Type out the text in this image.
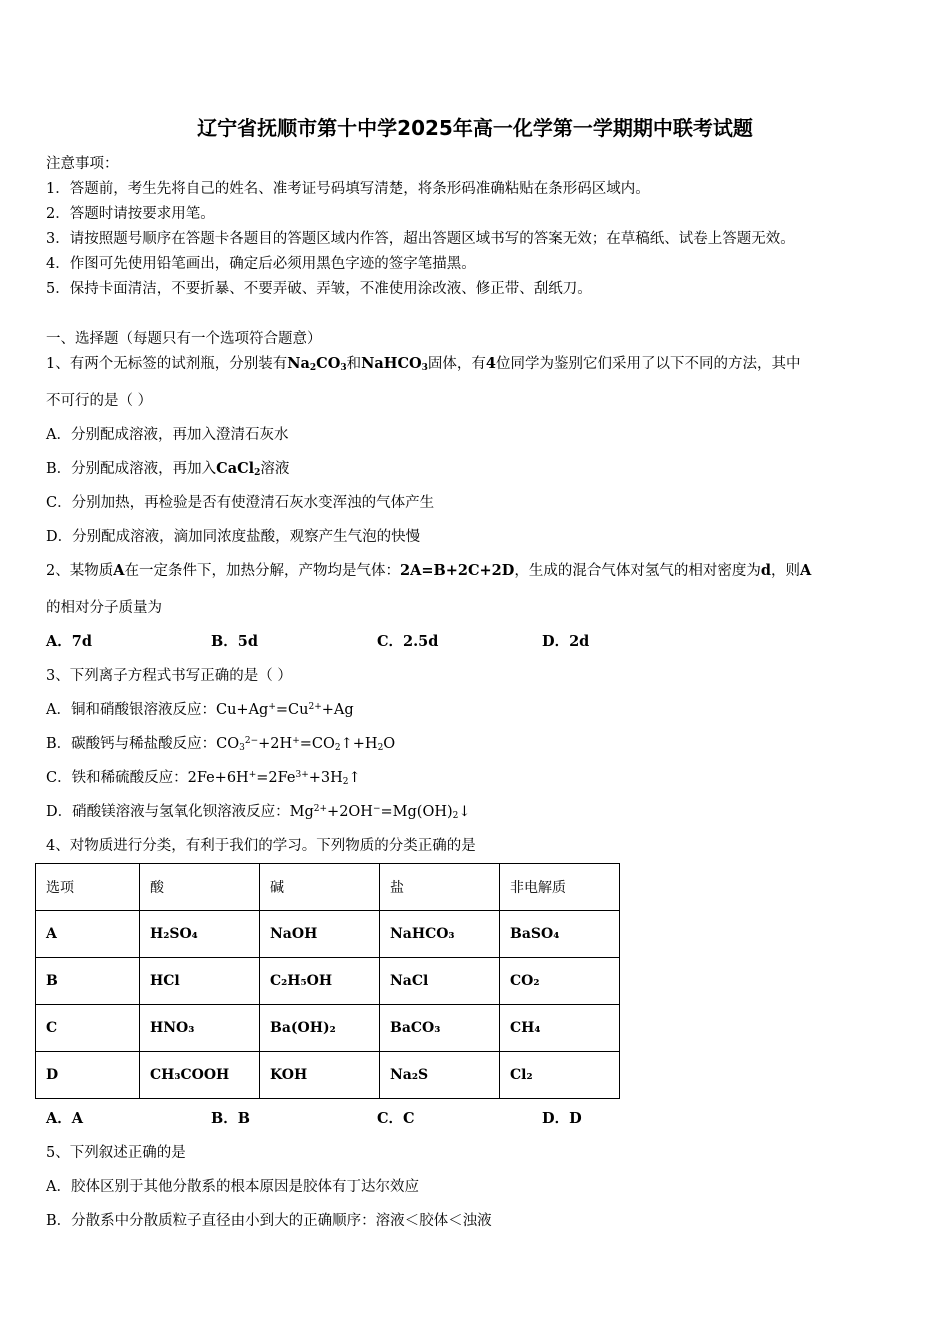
辽宁省抚顺市第十中学2025年高一化学第一学期期中联考试题
注意事项：
1．答题前，考生先将自己的姓名、准考证号码填写清楚，将条形码准确粘贴在条形码区域内。
2．答题时请按要求用笔。
3．请按照题号顺序在答题卡各题目的答题区域内作答，超出答题区域书写的答案无效；在草稿纸、试卷上答题无效。
4．作图可先使用铅笔画出，确定后必须用黑色字迹的签字笔描黑。
5．保持卡面清洁，不要折暴、不要弄破、弄皱，不准使用涂改液、修正带、刮纸刀。
一、选择题（每题只有一个选项符合题意）
1、有两个无标签的试剂瓶，分别装有$Na_2CO_3$和NaHCO$_3$固体，有4位同学为鉴别它们采用了以下不同的方法，其中
不可行的是（ ）
A．分别配成溶液，再加入澄清石灰水
B．分别配成溶液，再加入CaCl$_2$溶液
C．分别加热，再检验是否有使澄清石灰水变浑浊的气体产生
D．分别配成溶液，滴加同浓度盐酸，观察产生气泡的快慢
2、某物质A在一定条件下，加热分解，产物均是气体：2A=B+2C+2D，生成的混合气体对氢气的相对密度为d，则A
的相对分子质量为
A．7d	B．5d	C．2.5d	D．2d
3、下列离子方程式书写正确的是（ ）
A．铜和硝酸银溶液反应：$Cu+Ag^+=Cu^{2+}+Ag$
B．碳酸钙与稀盐酸反应：$CO_3^{2-}+2H^+=CO_2↑+H_2O$
C．铁和稀硫酸反应：$2Fe+6H^+=2Fe^{3+}+3H_2↑$
D．硝酸镁溶液与氢氧化钡溶液反应：$Mg^{2+}+2OH^-=Mg(OH)_2↓$
4、对物质进行分类，有利于我们的学习。下列物质的分类正确的是
选项	酸	碱	盐	非电解质
A	H₂SO₄	NaOH	NaHCO₃	BaSO₄
B	HCl	C₂H₅OH	NaCl	CO₂
C	HNO₃	Ba(OH)₂	BaCO₃	CH₄
D	CH₃COOH	KOH	Na₂S	Cl₂
A．A	B．B	C．C	D．D
5、下列叙述正确的是
A．胶体区别于其他分散系的根本原因是胶体有丁达尔效应
B．分散系中分散质粒子直径由小到大的正确顺序：溶液＜胶体＜浊液
